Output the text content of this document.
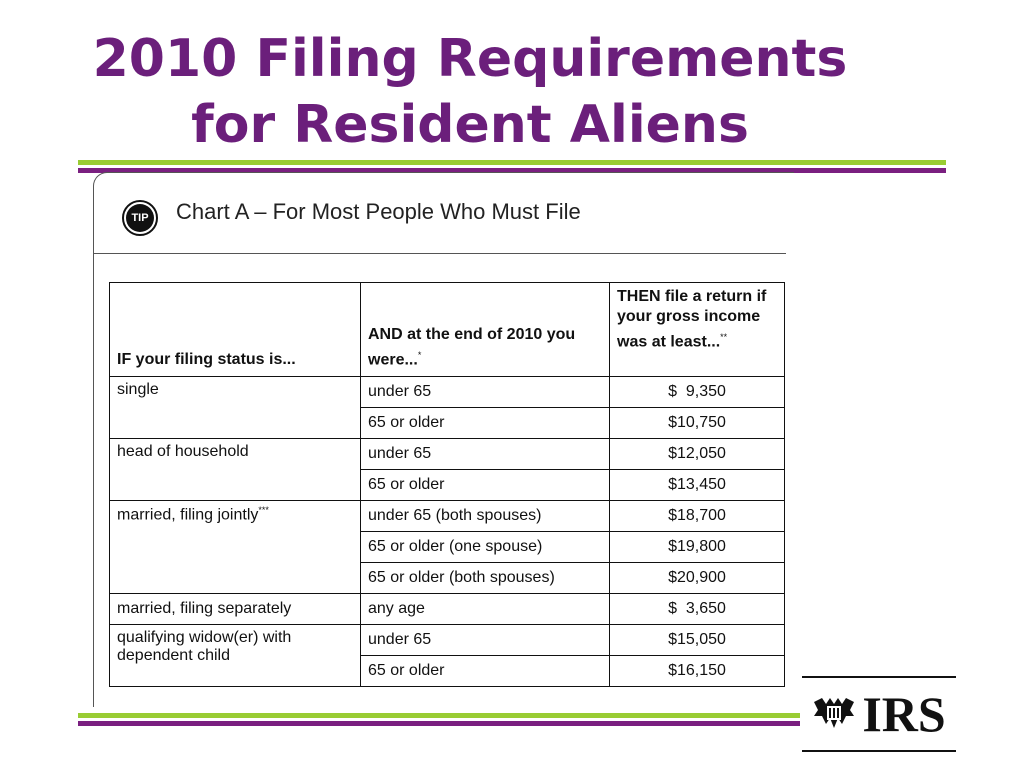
2010 Filing Requirements
for Resident Aliens
TIP Chart A – For Most People Who Must File
IF your filing status is...	AND at the end of 2010 you were...*	THEN file a return if your gross income was at least...**
single	under 65	$  9,350
	65 or older	$10,750
head of household	under 65	$12,050
	65 or older	$13,450
married, filing jointly***	under 65 (both spouses)	$18,700
	65 or older (one spouse)	$19,800
	65 or older (both spouses)	$20,900
married, filing separately	any age	$  3,650
qualifying widow(er) with dependent child	under 65	$15,050
	65 or older	$16,150
IRS
